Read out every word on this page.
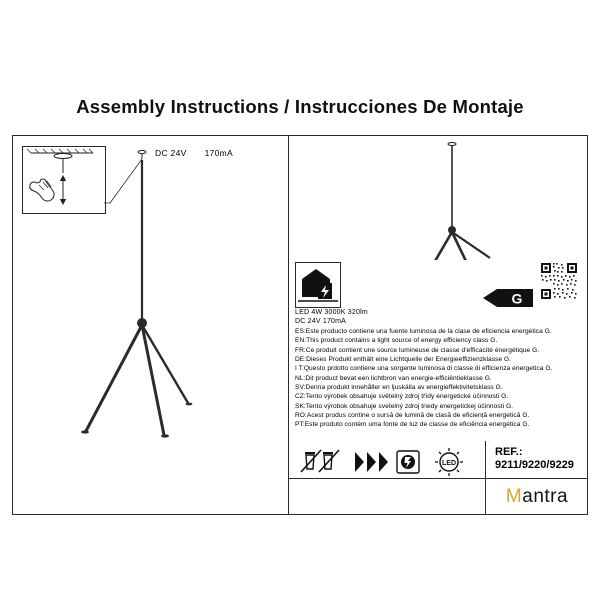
Assembly Instructions / Instrucciones De Montaje
DC 24V 170mA
G
LED 4W 3000K 320lm
DC 24V 170mA
ES:Este producto contiene una fuente luminosa de la clase de eficiencia energética G.
EN:This product contains a light source of energy efficiency class G.
FR:Ce produit contient une source lumineuse de classe d'efficacité énergétique G.
DE:Dieses Produkt enthält eine Lichtquelle der Energieeffizienzklasse G.
I T:Questo prdotto contiene una sorgente luminosa di classe di efficienza energetica G.
NL:Dit product bevat een lichtbron van energie-efficiëntieklasse G.
SV:Denna produkt innehåller en ljuskälla av energieffektivitetsklass G.
CZ:Tento výrobek obsahuje světelný zdroj třídy energetické účinnosti G.
SK:Tento výrobok obsahuje svetelný zdroj triedy energetickej účinnosti G.
RO:Acest produs contine o sursă de lumină de clasă de eficiență energetică G.
PT:Este produto contém uma fonte de luz de classe de eficiência energética G.
REF.:
9211/9220/9229
LED
Mantra
